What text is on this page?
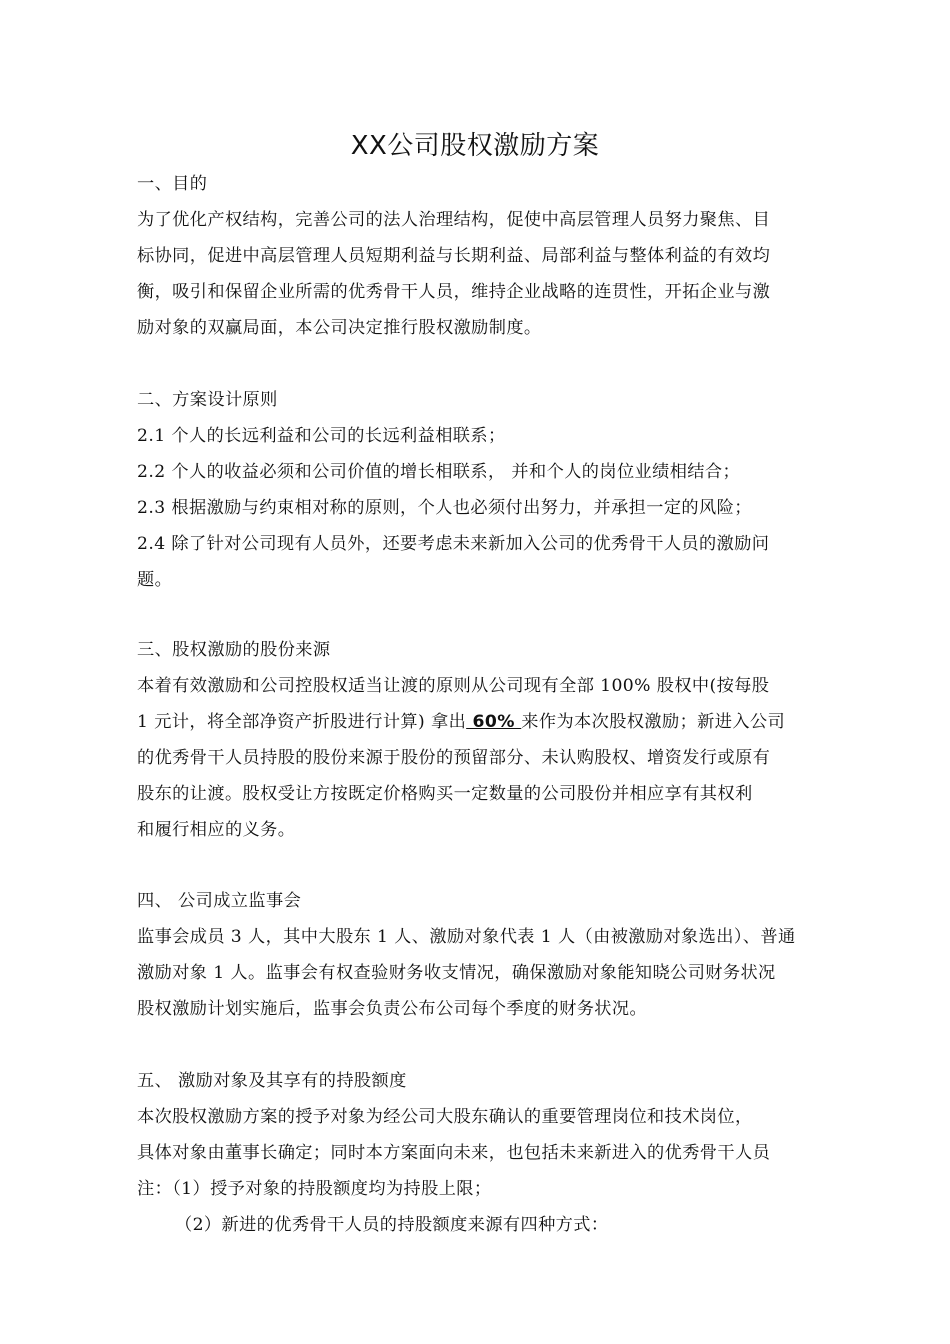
XX公司股权激励方案
一、目的
为了优化产权结构，完善公司的法人治理结构，促使中高层管理人员努力聚焦、目
标协同，促进中高层管理人员短期利益与长期利益、局部利益与整体利益的有效均
衡，吸引和保留企业所需的优秀骨干人员，维持企业战略的连贯性，开拓企业与激
励对象的双赢局面，本公司决定推行股权激励制度。
二、方案设计原则
2.1 个人的长远利益和公司的长远利益相联系；
2.2 个人的收益必须和公司价值的增长相联系， 并和个人的岗位业绩相结合；
2.3 根据激励与约束相对称的原则，个人也必须付出努力，并承担一定的风险；
2.4 除了针对公司现有人员外，还要考虑未来新加入公司的优秀骨干人员的激励问
题。
三、股权激励的股份来源
本着有效激励和公司控股权适当让渡的原则从公司现有全部 100% 股权中(按每股
1 元计，将全部净资产折股进行计算) 拿出 60% 来作为本次股权激励；新进入公司
的优秀骨干人员持股的股份来源于股份的预留部分、未认购股权、增资发行或原有
股东的让渡。股权受让方按既定价格购买一定数量的公司股份并相应享有其权利
和履行相应的义务。
四、 公司成立监事会
监事会成员 3 人，其中大股东 1 人、激励对象代表 1 人（由被激励对象选出）、普通
激励对象 1 人。监事会有权查验财务收支情况，确保激励对象能知晓公司财务状况
股权激励计划实施后，监事会负责公布公司每个季度的财务状况。
五、 激励对象及其享有的持股额度
本次股权激励方案的授予对象为经公司大股东确认的重要管理岗位和技术岗位，
具体对象由董事长确定；同时本方案面向未来，也包括未来新进入的优秀骨干人员
注：（1）授予对象的持股额度均为持股上限；
（2）新进的优秀骨干人员的持股额度来源有四种方式：
